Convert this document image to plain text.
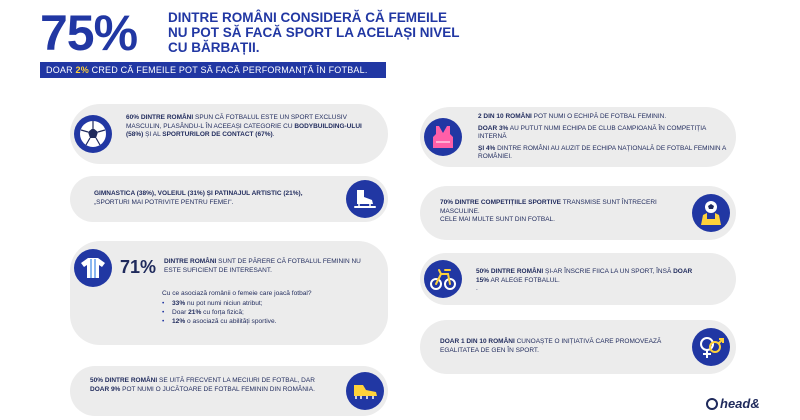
75% DINTRE ROMÂNI CONSIDERĂ CĂ FEMEILE NU POT SĂ FACĂ SPORT LA ACELAȘI NIVEL CU BĂRBAȚII.
DOAR 2% CRED CĂ FEMEILE POT SĂ FACĂ PERFORMANȚĂ ÎN FOTBAL.
60% DINTRE ROMÂNI SPUN CĂ FOTBALUL ESTE UN SPORT EXCLUSIV MASCULIN, PLASÂNDU-L ÎN ACEEAȘI CATEGORIE CU BODYBUILDING-ULUI (58%) ȘI AL SPORTURILOR DE CONTACT (67%).
GIMNASTICA (38%), VOLEIUL (31%) ȘI PATINAJUL ARTISTIC (21%), „SPORTURI MAI POTRIVITE PENTRU FEMEI".
71% DINTRE ROMÂNI SUNT DE PĂRERE CĂ FOTBALUL FEMININ NU ESTE SUFICIENT DE INTERESANT.
Cu ce asociază românii o femeie care joacă fotbal?
• 33% nu pot numi niciun atribut;
• Doar 21% cu forța fizică;
• 12% o asociază cu abilități sportive.
50% DINTRE ROMÂNI SE UITĂ FRECVENT LA MECIURI DE FOTBAL, DAR DOAR 9% POT NUMI O JUCĂTOARE DE FOTBAL FEMININ DIN ROMÂNIA.
2 DIN 10 ROMÂNI POT NUMI O ECHIPĂ DE FOTBAL FEMININ.
DOAR 3% AU PUTUT NUMI ECHIPA DE CLUB CAMPIOANĂ ÎN COMPETIȚIA INTERNĂ
ȘI 4% DINTRE ROMÂNI AU AUZIT DE ECHIPA NAȚIONALĂ DE FOTBAL FEMININ A ROMÂNIEI.
70% DINTRE COMPETIȚIILE SPORTIVE TRANSMISE SUNT ÎNTRECERI MASCULINE.
CELE MAI MULTE SUNT DIN FOTBAL.
50% DINTRE ROMÂNI ȘI-AR ÎNSCRIE FIICA LA UN SPORT, ÎNSĂ DOAR 15% AR ALEGE FOTBALUL.
.
DOAR 1 DIN 10 ROMÂNI CUNOAȘTE O INIȚIATIVĂ CARE PROMOVEAZĂ EGALITATEA DE GEN ÎN SPORT.
head&
